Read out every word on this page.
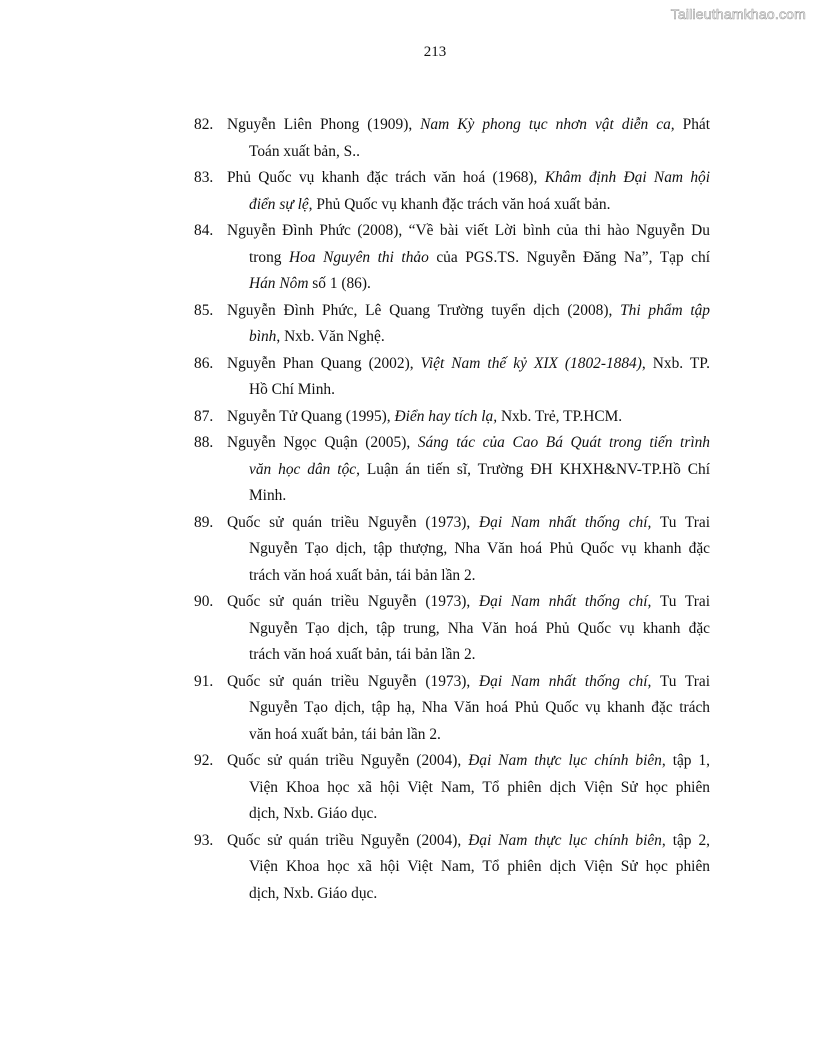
Tailieuthamkhao.com
213
82. Nguyễn Liên Phong (1909), Nam Kỳ phong tục nhơn vật diễn ca, Phát
Toán xuất bản, S..
83. Phủ Quốc vụ khanh đặc trách văn hoá (1968), Khâm định Đại Nam hội
điển sự lệ, Phủ Quốc vụ khanh đặc trách văn hoá xuất bản.
84. Nguyễn Đình Phức (2008), “Về bài viết Lời bình của thi hào Nguyễn Du
trong Hoa Nguyên thi thảo của PGS.TS. Nguyễn Đăng Na”, Tạp chí
Hán Nôm số 1 (86).
85. Nguyễn Đình Phức, Lê Quang Trường tuyển dịch (2008), Thi phẩm tập
bình, Nxb. Văn Nghệ.
86. Nguyễn Phan Quang (2002), Việt Nam thế kỷ XIX (1802-1884), Nxb. TP.
Hồ Chí Minh.
87. Nguyễn Tử Quang (1995), Điển hay tích lạ, Nxb. Trẻ, TP.HCM.
88. Nguyễn Ngọc Quận (2005), Sáng tác của Cao Bá Quát trong tiến trình
văn học dân tộc, Luận án tiến sĩ, Trường ĐH KHXH&NV-TP.Hồ Chí
Minh.
89. Quốc sử quán triều Nguyễn (1973), Đại Nam nhất thống chí, Tu Trai
Nguyễn Tạo dịch, tập thượng, Nha Văn hoá Phủ Quốc vụ khanh đặc
trách văn hoá xuất bản, tái bản lần 2.
90. Quốc sử quán triều Nguyễn (1973), Đại Nam nhất thống chí, Tu Trai
Nguyễn Tạo dịch, tập trung, Nha Văn hoá Phủ Quốc vụ khanh đặc
trách văn hoá xuất bản, tái bản lần 2.
91. Quốc sử quán triều Nguyễn (1973), Đại Nam nhất thống chí, Tu Trai
Nguyễn Tạo dịch, tập hạ, Nha Văn hoá Phủ Quốc vụ khanh đặc trách
văn hoá xuất bản, tái bản lần 2.
92. Quốc sử quán triều Nguyễn (2004), Đại Nam thực lục chính biên, tập 1,
Viện Khoa học xã hội Việt Nam, Tổ phiên dịch Viện Sử học phiên
dịch, Nxb. Giáo dục.
93. Quốc sử quán triều Nguyễn (2004), Đại Nam thực lục chính biên, tập 2,
Viện Khoa học xã hội Việt Nam, Tổ phiên dịch Viện Sử học phiên
dịch, Nxb. Giáo dục.
